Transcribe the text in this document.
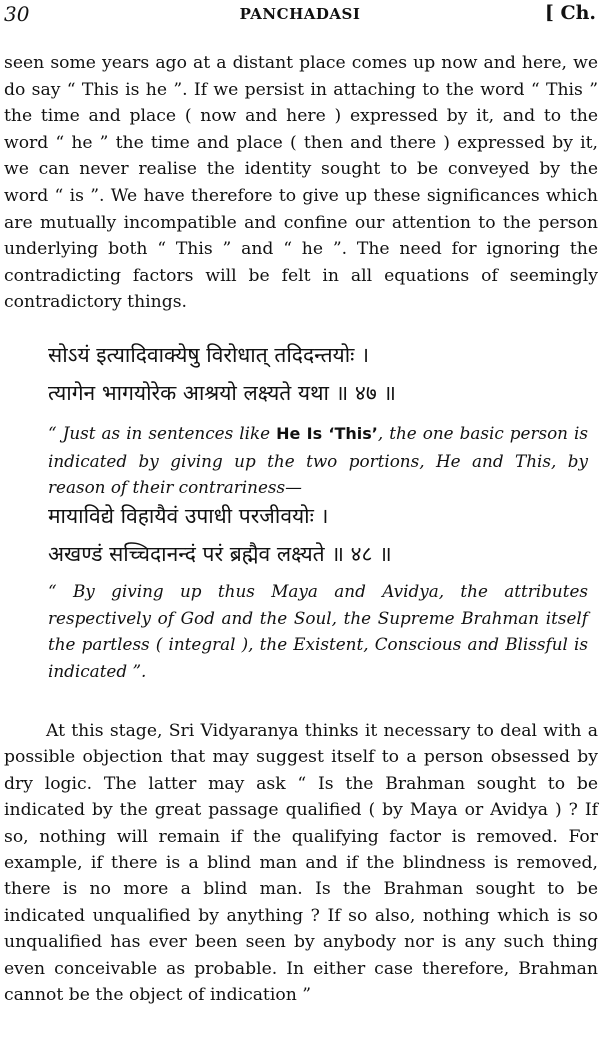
30	PANCHADASI	[ Ch.

seen some years ago at a distant place comes up now and here, we do say “ This is he ”. If we persist in attaching to the word “ This ” the time and place ( now and here ) expressed by it, and to the word “ he ” the time and place ( then and there ) expressed by it, we can never realise the identity sought to be conveyed by the word “ is ”. We have therefore to give up these significances which are mutually incompatible and confine our attention to the person underlying both “ This ” and “ he ”. The need for ignoring the contradicting factors will be felt in all equations of seemingly contradictory things.

सोऽयं इत्यादिवाक्येषु विरोधात् तदिदन्तयोः ।
त्यागेन भागयोरेक आश्रयो लक्ष्यते यथा ॥ ४७ ॥

“ Just as in sentences like He Is ‘This’, the one basic person is indicated by giving up the two portions, He and This, by reason of their contrariness—

मायाविद्ये विहायैवं उपाधी परजीवयोः ।
अखण्डं सच्चिदानन्दं परं ब्रह्मैव लक्ष्यते ॥ ४८ ॥

“ By giving up thus Maya and Avidya, the attributes respectively of God and the Soul, the Supreme Brahman itself the partless ( integral ), the Existent, Conscious and Blissful is indicated ”.

At this stage, Sri Vidyaranya thinks it necessary to deal with a possible objection that may suggest itself to a person obsessed by dry logic. The latter may ask “ Is the Brahman sought to be indicated by the great passage qualified ( by Maya or Avidya ) ? If so, nothing will remain if the qualifying factor is removed. For example, if there is a blind man and if the blindness is removed, there is no more a blind man. Is the Brahman sought to be indicated unqualified by anything ? If so also, nothing which is so unqualified has ever been seen by anybody nor is any such thing even conceivable as probable. In either case therefore, Brahman cannot be the object of indication ”
